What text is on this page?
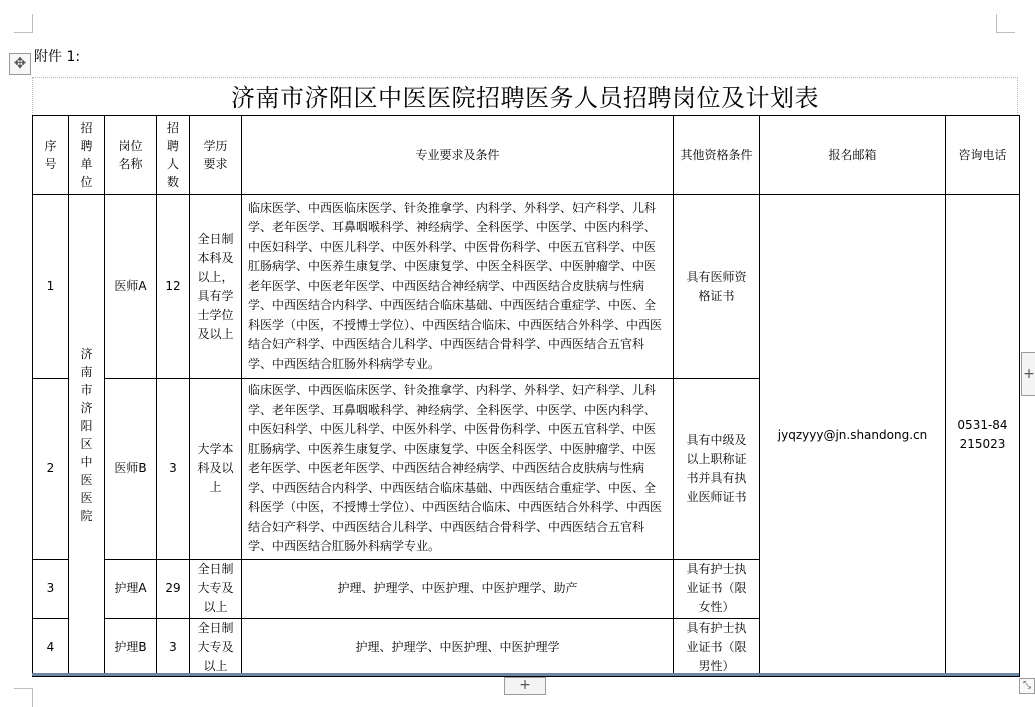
✥ 附件 1:
济南市济阳区中医医院招聘医务人员招聘岗位及计划表
序号	招聘单位	岗位名称	招聘人数	学历要求	专业要求及条件	其他资格条件	报名邮箱	咨询电话
1	济南市济阳区中医医院	医师A	12	全日制本科及以上，具有学士学位及以上	临床医学、中西医临床医学、针灸推拿学、内科学、外科学、妇产科学、儿科学、老年医学、耳鼻咽喉科学、神经病学、全科医学、中医学、中医内科学、中医妇科学、中医儿科学、中医外科学、中医骨伤科学、中医五官科学、中医肛肠病学、中医养生康复学、中医康复学、中医全科医学、中医肿瘤学、中医老年医学、中医老年医学、中西医结合神经病学、中西医结合皮肤病与性病学、中西医结合内科学、中西医结合临床基础、中西医结合重症学、中医、全科医学（中医，不授博士学位）、中西医结合临床、中西医结合外科学、中西医结合妇产科学、中西医结合儿科学、中西医结合骨科学、中西医结合五官科学、中西医结合肛肠外科病学专业。	具有医师资格证书	jyqzyyy@jn.shandong.cn	0531-84215023
2		医师B	3	大学本科及以上	临床医学、中西医临床医学、针灸推拿学、内科学、外科学、妇产科学、儿科学、老年医学、耳鼻咽喉科学、神经病学、全科医学、中医学、中医内科学、中医妇科学、中医儿科学、中医外科学、中医骨伤科学、中医五官科学、中医肛肠病学、中医养生康复学、中医康复学、中医全科医学、中医肿瘤学、中医老年医学、中医老年医学、中西医结合神经病学、中西医结合皮肤病与性病学、中西医结合内科学、中西医结合临床基础、中西医结合重症学、中医、全科医学（中医，不授博士学位）、中西医结合临床、中西医结合外科学、中西医结合妇产科学、中西医结合儿科学、中西医结合骨科学、中西医结合五官科学、中西医结合肛肠外科病学专业。	具有中级及以上职称证书并具有执业医师证书		
3		护理A	29	全日制大专及以上	护理、护理学、中医护理、中医护理学、助产	具有护士执业证书（限女性）		
4		护理B	3	全日制大专及以上	护理、护理学、中医护理、中医护理学	具有护士执业证书（限男性）		
+
+
⤡
